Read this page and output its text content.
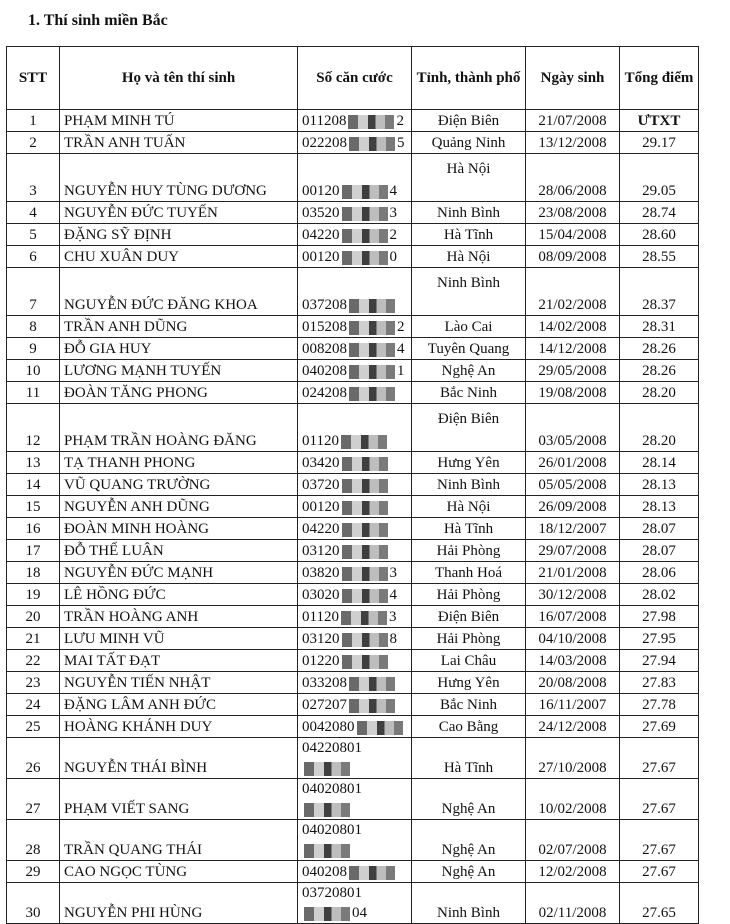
1. Thí sinh miền Bắc
STT	Họ và tên thí sinh	Số căn cước	Tỉnh, thành phố	Ngày sinh	Tổng điểm
1	PHẠM MINH TÚ	011208 2	Điện Biên	21/07/2008	ƯTXT
2	TRẦN ANH TUẤN	022208 5	Quảng Ninh	13/12/2008	29.17
3	NGUYỄN HUY TÙNG DƯƠNG	00120 4	Hà Nội	28/06/2008	29.05
4	NGUYỄN ĐỨC TUYẾN	03520 3	Ninh Bình	23/08/2008	28.74
5	ĐẶNG SỸ ĐỊNH	04220 2	Hà Tĩnh	15/04/2008	28.60
6	CHU XUÂN DUY	00120 0	Hà Nội	08/09/2008	28.55
7	NGUYỄN ĐỨC ĐĂNG KHOA	037208	Ninh Bình	21/02/2008	28.37
8	TRẦN ANH DŨNG	015208 2	Lào Cai	14/02/2008	28.31
9	ĐỖ GIA HUY	008208 4	Tuyên Quang	14/12/2008	28.26
10	LƯƠNG MẠNH TUYẾN	040208 1	Nghệ An	29/05/2008	28.26
11	ĐOÀN TĂNG PHONG	024208	Bắc Ninh	19/08/2008	28.20
12	PHẠM TRẦN HOÀNG ĐĂNG	01120	Điện Biên	03/05/2008	28.20
13	TẠ THANH PHONG	03420	Hưng Yên	26/01/2008	28.14
14	VŨ QUANG TRƯỜNG	03720	Ninh Bình	05/05/2008	28.13
15	NGUYỄN ANH DŨNG	00120	Hà Nội	26/09/2008	28.13
16	ĐOÀN MINH HOÀNG	04220	Hà Tĩnh	18/12/2007	28.07
17	ĐỖ THẾ LUÂN	03120	Hải Phòng	29/07/2008	28.07
18	NGUYỄN ĐỨC MẠNH	03820 3	Thanh Hoá	21/01/2008	28.06
19	LÊ HỒNG ĐỨC	03020 4	Hải Phòng	30/12/2008	28.02
20	TRẦN HOÀNG ANH	01120 3	Điện Biên	16/07/2008	27.98
21	LƯU MINH VŨ	03120 8	Hải Phòng	04/10/2008	27.95
22	MAI TẤT ĐẠT	01220	Lai Châu	14/03/2008	27.94
23	NGUYỄN TIẾN NHẬT	033208	Hưng Yên	20/08/2008	27.83
24	ĐẶNG LÂM ANH ĐỨC	027207	Bắc Ninh	16/11/2007	27.78
25	HOÀNG KHÁNH DUY	0042080	Cao Bằng	24/12/2008	27.69
26	NGUYỄN THÁI BÌNH	04220801	Hà Tĩnh	27/10/2008	27.67
27	PHẠM VIẾT SANG	04020801	Nghệ An	10/02/2008	27.67
28	TRẦN QUANG THÁI	04020801	Nghệ An	02/07/2008	27.67
29	CAO NGỌC TÙNG	040208	Nghệ An	12/02/2008	27.67
30	NGUYỄN PHI HÙNG	0372080104	Ninh Bình	02/11/2008	27.65
